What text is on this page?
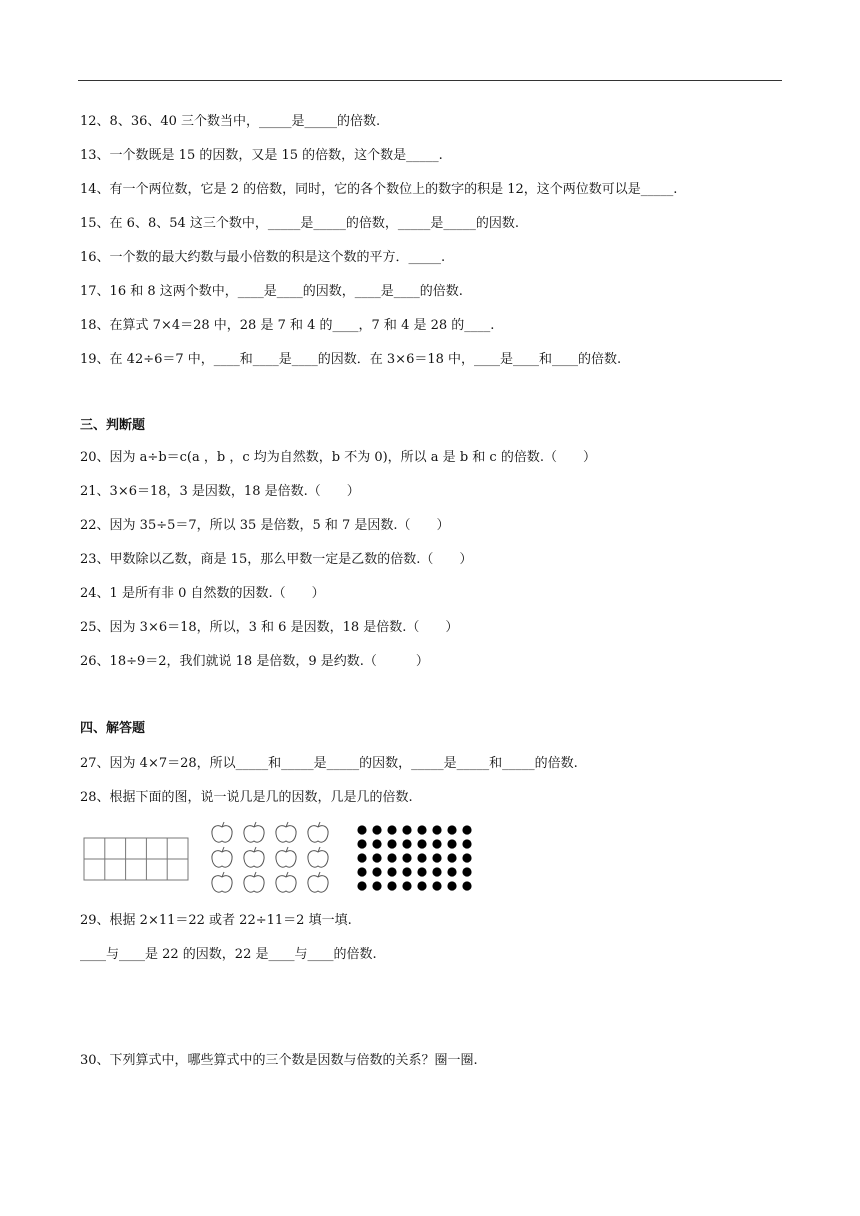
12、8、36、40 三个数当中，_____是_____的倍数.
13、一个数既是 15 的因数，又是 15 的倍数，这个数是_____.
14、有一个两位数，它是 2 的倍数，同时，它的各个数位上的数字的积是 12，这个两位数可以是_____.
15、在 6、8、54 这三个数中，_____是_____的倍数，_____是_____的因数.
16、一个数的最大约数与最小倍数的积是这个数的平方．_____.
17、16 和 8 这两个数中，____是____的因数，____是____的倍数.
18、在算式 7×4＝28 中，28 是 7 和 4 的____，7 和 4 是 28 的____.
19、在 42÷6＝7 中，____和____是____的因数．在 3×6＝18 中，____是____和____的倍数.
三、判断题
20、因为 a÷b＝c(a ，b ，c 均为自然数，b 不为 0)，所以 a 是 b 和 c 的倍数.（　　）
21、3×6＝18，3 是因数，18 是倍数.（　　）
22、因为 35÷5＝7，所以 35 是倍数，5 和 7 是因数.（　　）
23、甲数除以乙数，商是 15，那么甲数一定是乙数的倍数.（　　）
24、1 是所有非 0 自然数的因数.（　　）
25、因为 3×6＝18，所以，3 和 6 是因数，18 是倍数.（　　）
26、18÷9＝2，我们就说 18 是倍数，9 是约数.（　　　）
四、解答题
27、因为 4×7＝28，所以_____和_____是_____的因数，_____是_____和_____的倍数.
28、根据下面的图，说一说几是几的因数，几是几的倍数.
29、根据 2×11＝22 或者 22÷11＝2 填一填.
____与____是 22 的因数，22 是____与____的倍数.
30、下列算式中，哪些算式中的三个数是因数与倍数的关系？圈一圈.
